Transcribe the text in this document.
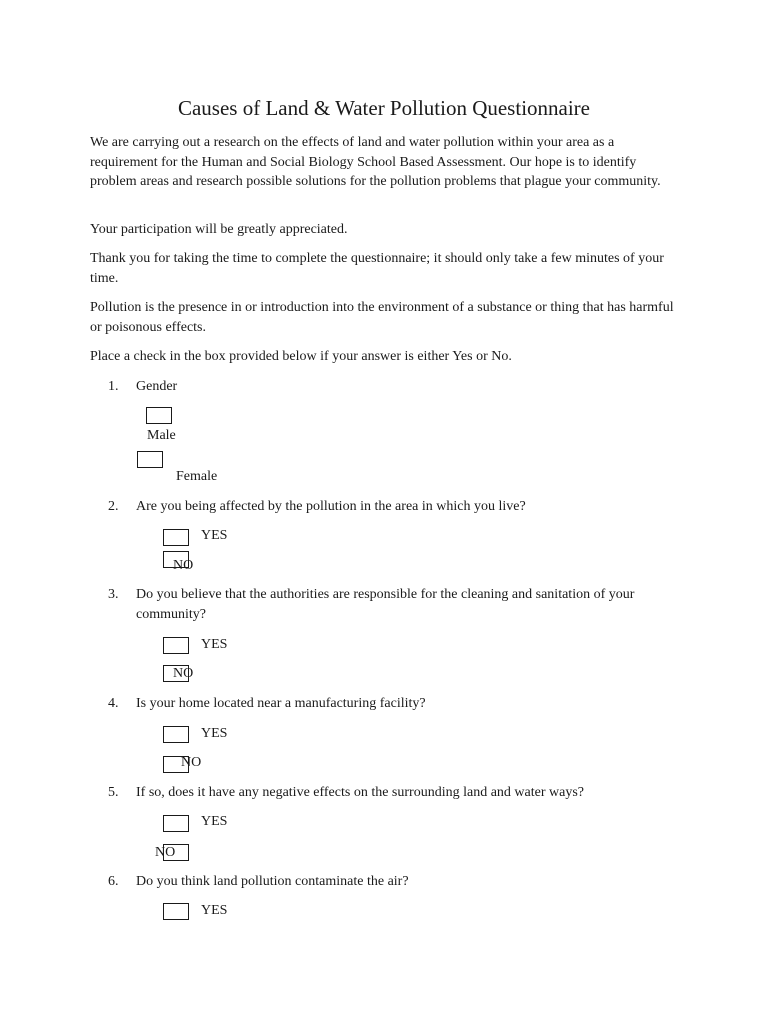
Causes of Land & Water Pollution Questionnaire

We are carrying out a research on the effects of land and water pollution within your area as a requirement for the Human and Social Biology School Based Assessment. Our hope is to identify problem areas and research possible solutions for the pollution problems that plague your community.

Your participation will be greatly appreciated.

Thank you for taking the time to complete the questionnaire; it should only take a few minutes of your time.

Pollution is the presence in or introduction into the environment of a substance or thing that has harmful or poisonous effects.

Place a check in the box provided below if your answer is either Yes or No.

1. Gender
Male
Female
2. Are you being affected by the pollution in the area in which you live?
YES
NO
3. Do you believe that the authorities are responsible for the cleaning and sanitation of your community?
YES
NO
4. Is your home located near a manufacturing facility?
YES
NO
5. If so, does it have any negative effects on the surrounding land and water ways?
YES
NO
6. Do you think land pollution contaminate the air?
YES
